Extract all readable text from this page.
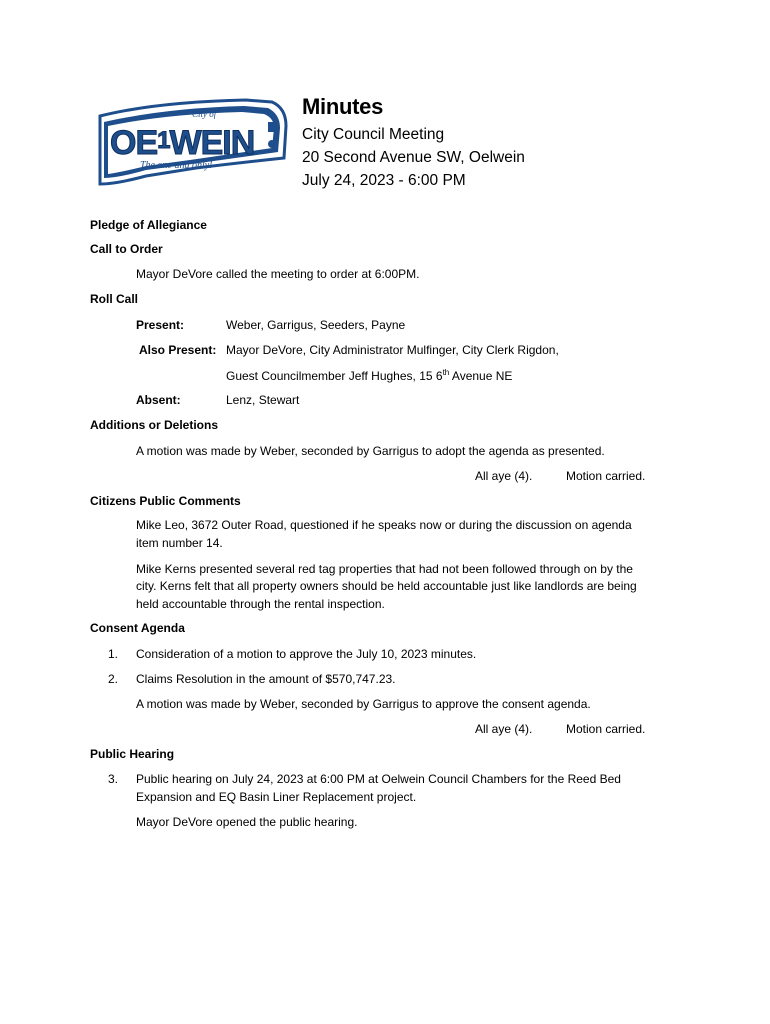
City of
OE1WEIN
The one and only!
Minutes
City Council Meeting
20 Second Avenue SW, Oelwein
July 24, 2023 - 6:00 PM
Pledge of Allegiance
Call to Order
Mayor DeVore called the meeting to order at 6:00PM.
Roll Call
Present:	Weber, Garrigus, Seeders, Payne
Also Present: Mayor DeVore, City Administrator Mulfinger, City Clerk Rigdon,
Guest Councilmember Jeff Hughes, 15 6th Avenue NE
Absent:	Lenz, Stewart
Additions or Deletions
A motion was made by Weber, seconded by Garrigus to adopt the agenda as presented.
All aye (4).	Motion carried.
Citizens Public Comments
Mike Leo, 3672 Outer Road, questioned if he speaks now or during the discussion on agenda
item number 14.
Mike Kerns presented several red tag properties that had not been followed through on by the
city. Kerns felt that all property owners should be held accountable just like landlords are being
held accountable through the rental inspection.
Consent Agenda
1. Consideration of a motion to approve the July 10, 2023 minutes.
2. Claims Resolution in the amount of $570,747.23.
A motion was made by Weber, seconded by Garrigus to approve the consent agenda.
All aye (4).	Motion carried.
Public Hearing
3. Public hearing on July 24, 2023 at 6:00 PM at Oelwein Council Chambers for the Reed Bed
Expansion and EQ Basin Liner Replacement project.
Mayor DeVore opened the public hearing.
